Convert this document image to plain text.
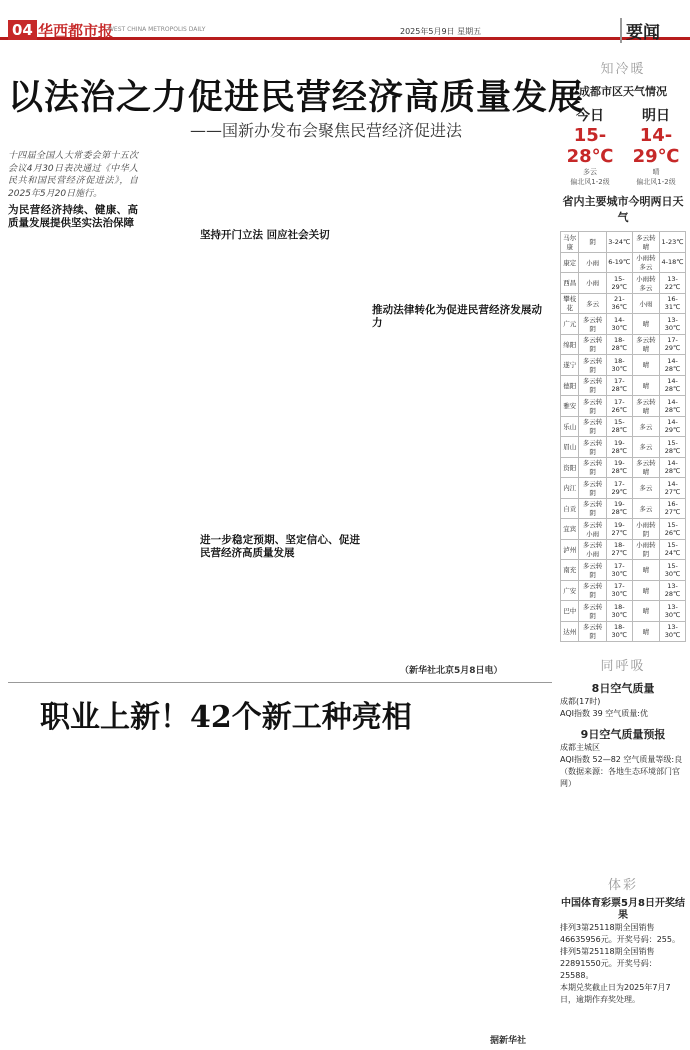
04 华西都市报
WEST CHINA METROPOLIS DAILY	2025年5月9日 星期五	要闻
以法治之力促进民营经济高质量发展
——国新办发布会聚焦民营经济促进法

十四届全国人大常委会第十五次会议4月30日表决通过《中华人民共和国民营经济促进法》，自2025年5月20日施行。

为民营经济持续、健康、高质量发展提供坚实法治保障
坚持开门立法 回应社会关切
进一步稳定预期、坚定信心、促进民营经济高质量发展
推动法律转化为促进民营经济发展动力
（新华社北京5月8日电）
职业上新！42个新工种亮相
据新华社
知冷暖
成都市区天气情况
今日
15-28℃
多云
偏北风1-2级
明日
14-29℃
晴
偏北风1-2级
省内主要城市今明两日天气
马尔康	阴	3-24℃	多云转晴	1-23℃
康定	小雨	6-19℃	小雨转多云	4-18℃
西昌	小雨	15-29℃	小雨转多云	13-22℃
攀枝花	多云	21-36℃	小雨	16-31℃
广元	多云转阴	14-30℃	晴	13-30℃
绵阳	多云转阴	18-28℃	多云转晴	17-29℃
遂宁	多云转阴	18-30℃	晴	14-28℃
德阳	多云转阴	17-28℃	晴	14-28℃
雅安	多云转阴	17-26℃	多云转晴	14-28℃
乐山	多云转阴	15-28℃	多云	14-29℃
眉山	多云转阴	19-28℃	多云	15-28℃
资阳	多云转阴	19-28℃	多云转晴	14-28℃
内江	多云转阴	17-29℃	多云	14-27℃
自贡	多云转阴	19-28℃	多云	16-27℃
宜宾	多云转小雨	19-27℃	小雨转阴	15-26℃
泸州	多云转小雨	18-27℃	小雨转阴	15-24℃
南充	多云转阴	17-30℃	晴	15-30℃
广安	多云转阴	17-30℃	晴	13-28℃
巴中	多云转阴	18-30℃	晴	13-30℃
达州	多云转阴	18-30℃	晴	13-30℃
同呼吸
8日空气质量
成都(17时)
AQI指数 39 空气质量:优
9日空气质量预报
成都主城区
AQI指数 52—82 空气质量等级:良
（数据来源：各地生态环境部门官网）
体彩
中国体育彩票5月8日开奖结果
排列3第25118期全国销售46635956元。开奖号码：255。
排列5第25118期全国销售22891550元。开奖号码：25588。
本期兑奖截止日为2025年7月7日，逾期作弃奖处理。
